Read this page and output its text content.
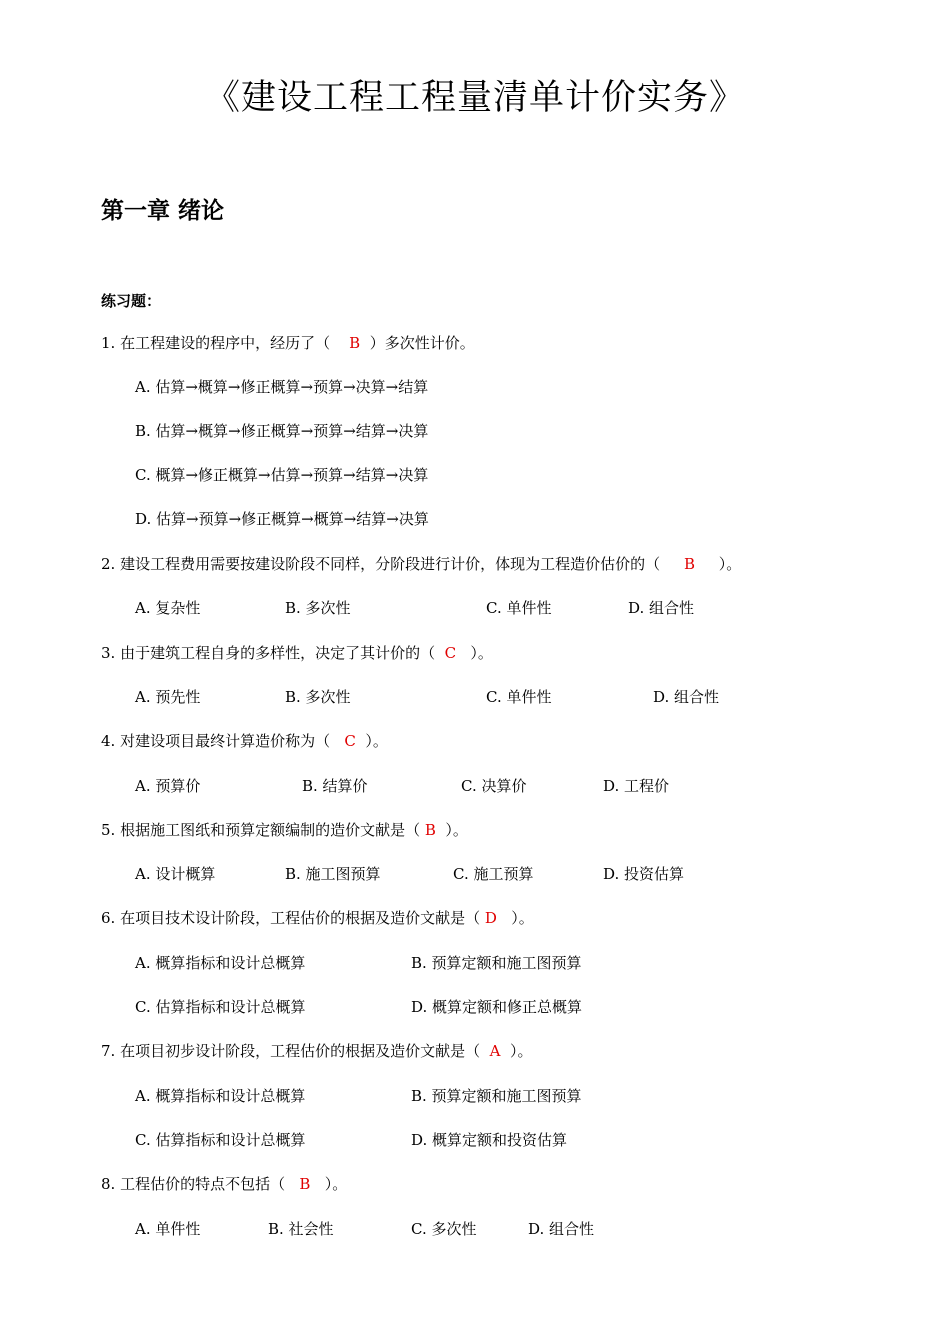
《建设工程工程量清单计价实务》
第一章 绪论
练习题：
1. 在工程建设的程序中，经历了（    B  ）多次性计价。
A. 估算→概算→修正概算→预算→决算→结算
B. 估算→概算→修正概算→预算→结算→决算
C. 概算→修正概算→估算→预算→结算→决算
D. 估算→预算→修正概算→概算→结算→决算
2. 建设工程费用需要按建设阶段不同样，分阶段进行计价，体现为工程造价估价的（     B     ）。
A. 复杂性	B. 多次性	C. 单件性	D. 组合性
3. 由于建筑工程自身的多样性，决定了其计价的（  C   ）。
A. 预先性	B. 多次性	C. 单件性	D. 组合性
4. 对建设项目最终计算造价称为（   C  ）。
A. 预算价	B. 结算价	C. 决算价	D. 工程价
5. 根据施工图纸和预算定额编制的造价文献是（ B  ）。
A. 设计概算	B. 施工图预算	C. 施工预算	D. 投资估算
6. 在项目技术设计阶段，工程估价的根据及造价文献是（ D   ）。
A. 概算指标和设计总概算	B. 预算定额和施工图预算
C. 估算指标和设计总概算	D. 概算定额和修正总概算
7. 在项目初步设计阶段，工程估价的根据及造价文献是（  A  ）。
A. 概算指标和设计总概算	B. 预算定额和施工图预算
C. 估算指标和设计总概算	D. 概算定额和投资估算
8. 工程估价的特点不包括（   B   ）。
A. 单件性	B. 社会性	C. 多次性	D. 组合性
